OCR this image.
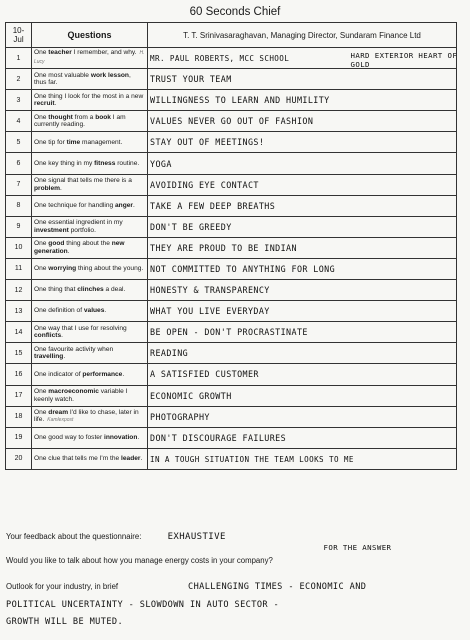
60 Seconds Chief
10-Jul	Questions	T. T. Srinivasaraghavan, Managing Director, Sundaram Finance Ltd
1	One teacher I remember, and why. H. Lucy	MR. PAUL ROBERTS, MCC SCHOOL HARD EXTERIOR HEART OF GOLD

2	One most valuable work lesson, thus far.	TRUST YOUR TEAM
3	One thing I look for the most in a new recruit.	WILLINGNESS TO LEARN AND HUMILITY
4	One thought from a book I am currently reading.	VALUES NEVER GO OUT OF FASHION
5	One tip for time management.	STAY OUT OF MEETINGS!
6	One key thing in my fitness routine.	YOGA
7	One signal that tells me there is a problem.	AVOIDING EYE CONTACT
8	One technique for handling anger.	TAKE A FEW DEEP BREATHS
9	One essential ingredient in my investment portfolio.	DON'T BE GREEDY
10	One good thing about the new generation.	THEY ARE PROUD TO BE INDIAN
11	One worrying thing about the young.	NOT COMMITTED TO ANYTHING FOR LONG
12	One thing that clinches a deal.	HONESTY & TRANSPARENCY
13	One definition of values.	WHAT YOU LIVE EVERYDAY
14	One way that I use for resolving conflicts.	BE OPEN - DON'T PROCRASTINATE
15	One favourite activity when travelling.	READING
16	One indicator of performance.	A SATISFIED CUSTOMER
17	One macroeconomic variable I keenly watch.	ECONOMIC GROWTH
18	One dream I'd like to chase, later in life. Kamlexpost	PHOTOGRAPHY
19	One good way to foster innovation.	DON'T DISCOURAGE FAILURES
20	One clue that tells me I'm the leader.	IN A TOUGH SITUATION THE TEAM LOOKS TO ME
FOR THE ANSWER
Your feedback about the questionnaire:	EXHAUSTIVE
Would you like to talk about how you manage energy costs in your company?
Outlook for your industry, in brief	CHALLENGING TIMES - ECONOMIC AND
POLITICAL UNCERTAINTY - SLOWDOWN IN AUTO SECTOR -
GROWTH WILL BE MUTED.
